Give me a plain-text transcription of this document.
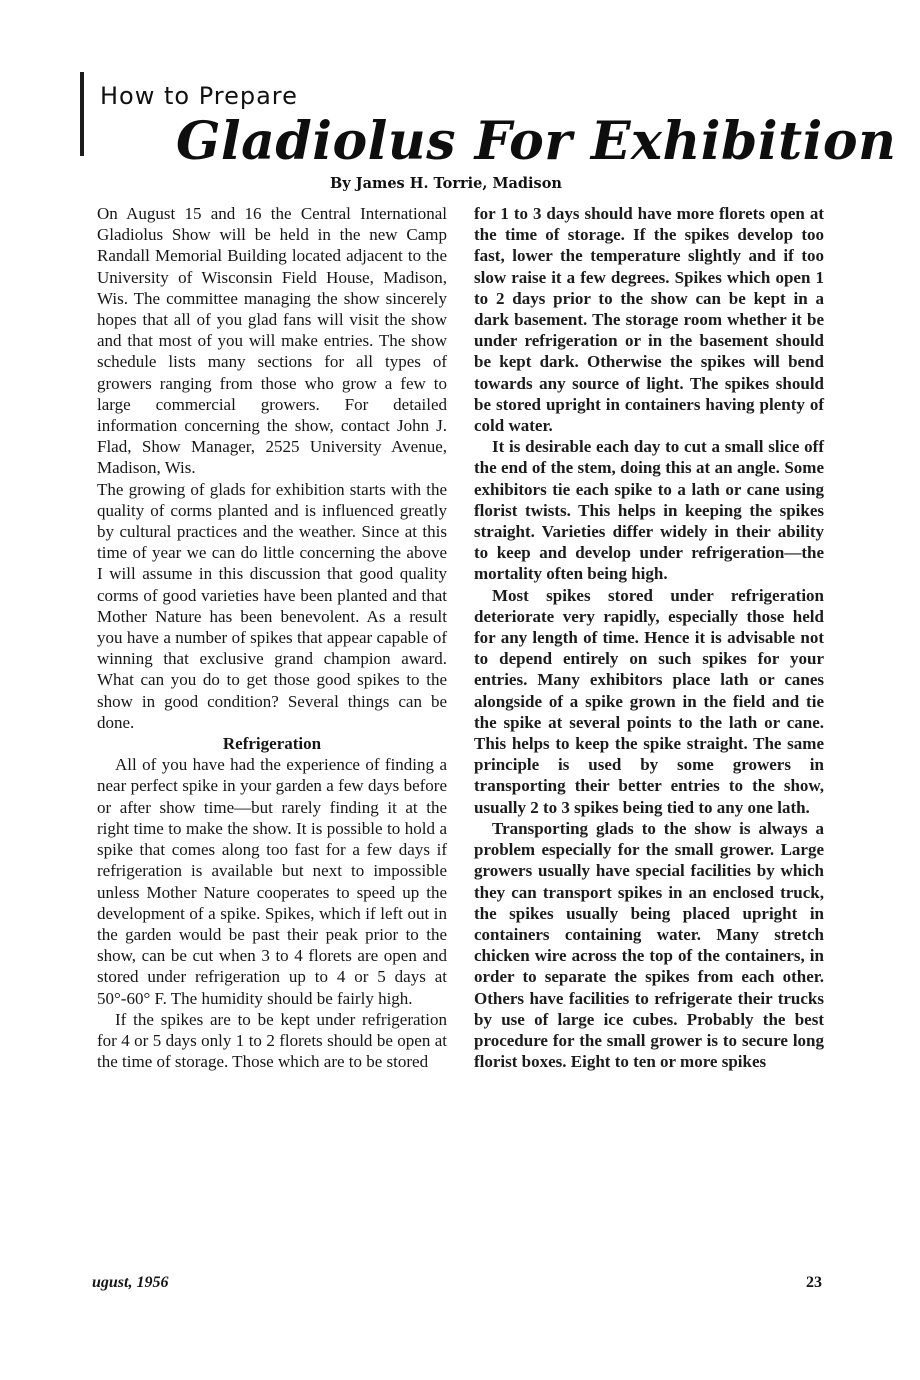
How to Prepare
Gladiolus For Exhibition
By James H. Torrie, Madison

On August 15 and 16 the Central International Gladiolus Show will be held in the new Camp Randall Memorial Building located adjacent to the University of Wisconsin Field House, Madison, Wis. The committee managing the show sincerely hopes that all of you glad fans will visit the show and that most of you will make entries. The show schedule lists many sections for all types of growers ranging from those who grow a few to large commercial growers. For detailed information concerning the show, contact John J. Flad, Show Manager, 2525 University Avenue, Madison, Wis.

The growing of glads for exhibition starts with the quality of corms planted and is influenced greatly by cultural practices and the weather. Since at this time of year we can do little concerning the above I will assume in this discussion that good quality corms of good varieties have been planted and that Mother Nature has been benevolent. As a result you have a number of spikes that appear capable of winning that exclusive grand champion award. What can you do to get those good spikes to the show in good condition? Several things can be done.

Refrigeration

All of you have had the experience of finding a near perfect spike in your garden a few days before or after show time—but rarely finding it at the right time to make the show. It is possible to hold a spike that comes along too fast for a few days if refrigeration is available but next to impossible unless Mother Nature cooperates to speed up the development of a spike. Spikes, which if left out in the garden would be past their peak prior to the show, can be cut when 3 to 4 florets are open and stored under refrigeration up to 4 or 5 days at 50°-60° F. The humidity should be fairly high.

If the spikes are to be kept under refrigeration for 4 or 5 days only 1 to 2 florets should be open at the time of storage. Those which are to be stored

for 1 to 3 days should have more florets open at the time of storage. If the spikes develop too fast, lower the temperature slightly and if too slow raise it a few degrees. Spikes which open 1 to 2 days prior to the show can be kept in a dark basement. The storage room whether it be under refrigeration or in the basement should be kept dark. Otherwise the spikes will bend towards any source of light. The spikes should be stored upright in containers having plenty of cold water.

It is desirable each day to cut a small slice off the end of the stem, doing this at an angle. Some exhibitors tie each spike to a lath or cane using florist twists. This helps in keeping the spikes straight. Varieties differ widely in their ability to keep and develop under refrigeration—the mortality often being high.

Most spikes stored under refrigeration deteriorate very rapidly, especially those held for any length of time. Hence it is advisable not to depend entirely on such spikes for your entries. Many exhibitors place lath or canes alongside of a spike grown in the field and tie the spike at several points to the lath or cane. This helps to keep the spike straight. The same principle is used by some growers in transporting their better entries to the show, usually 2 to 3 spikes being tied to any one lath.

Transporting glads to the show is always a problem especially for the small grower. Large growers usually have special facilities by which they can transport spikes in an enclosed truck, the spikes usually being placed upright in containers containing water. Many stretch chicken wire across the top of the containers, in order to separate the spikes from each other. Others have facilities to refrigerate their trucks by use of large ice cubes. Probably the best procedure for the small grower is to secure long florist boxes. Eight to ten or more spikes

ugust, 1956	23
